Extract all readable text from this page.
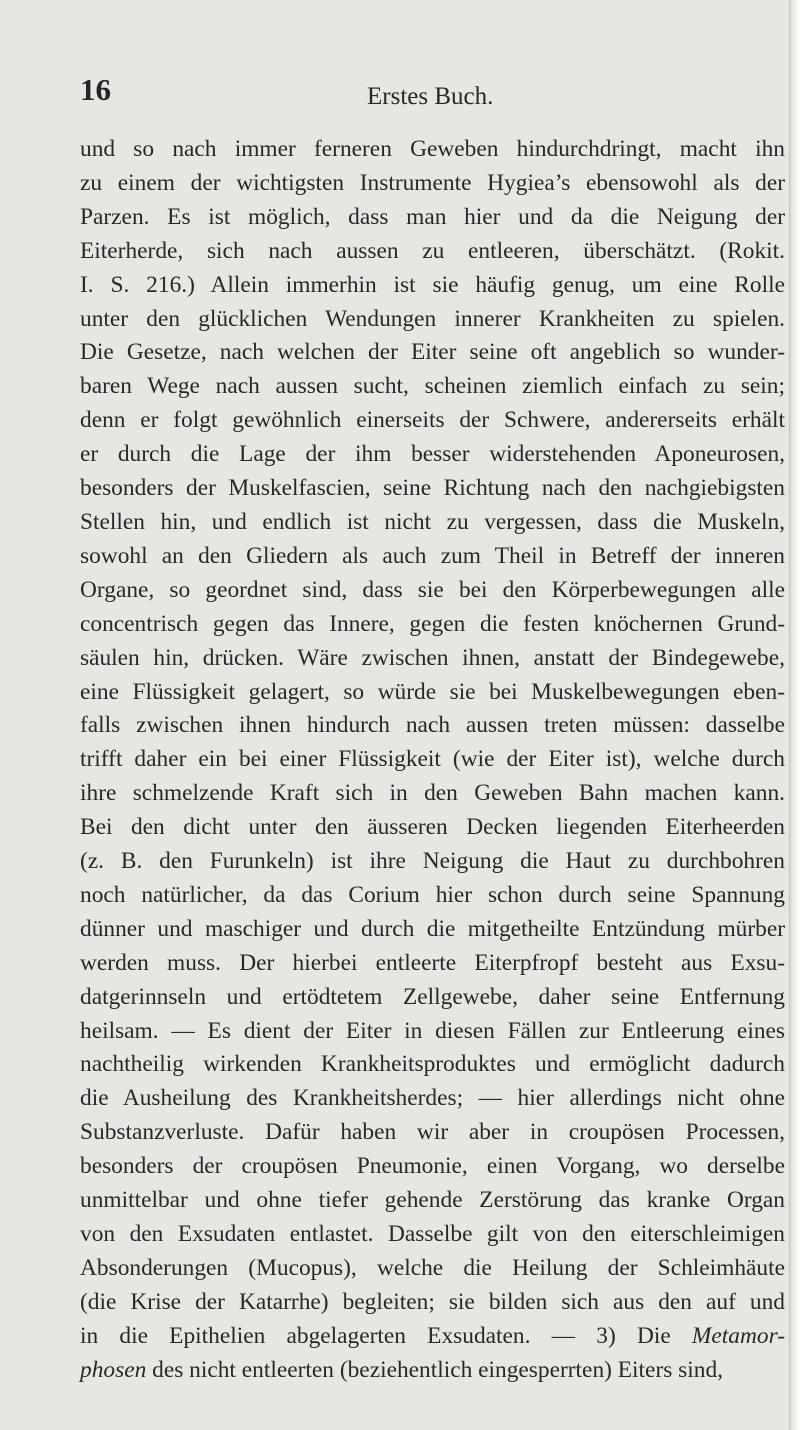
16	Erstes Buch.
und so nach immer ferneren Geweben hindurchdringt, macht ihn
zu einem der wichtigsten Instrumente Hygiea’s ebensowohl als der
Parzen. Es ist möglich, dass man hier und da die Neigung der
Eiterherde, sich nach aussen zu entleeren, überschätzt. (Rokit.
I. S. 216.) Allein immerhin ist sie häufig genug, um eine Rolle
unter den glücklichen Wendungen innerer Krankheiten zu spielen.
Die Gesetze, nach welchen der Eiter seine oft angeblich so wunder-
baren Wege nach aussen sucht, scheinen ziemlich einfach zu sein;
denn er folgt gewöhnlich einerseits der Schwere, andererseits erhält
er durch die Lage der ihm besser widerstehenden Aponeurosen,
besonders der Muskelfascien, seine Richtung nach den nachgiebigsten
Stellen hin, und endlich ist nicht zu vergessen, dass die Muskeln,
sowohl an den Gliedern als auch zum Theil in Betreff der inneren
Organe, so geordnet sind, dass sie bei den Körperbewegungen alle
concentrisch gegen das Innere, gegen die festen knöchernen Grund-
säulen hin, drücken. Wäre zwischen ihnen, anstatt der Bindegewebe,
eine Flüssigkeit gelagert, so würde sie bei Muskelbewegungen eben-
falls zwischen ihnen hindurch nach aussen treten müssen: dasselbe
trifft daher ein bei einer Flüssigkeit (wie der Eiter ist), welche durch
ihre schmelzende Kraft sich in den Geweben Bahn machen kann.
Bei den dicht unter den äusseren Decken liegenden Eiterheerden
(z. B. den Furunkeln) ist ihre Neigung die Haut zu durchbohren
noch natürlicher, da das Corium hier schon durch seine Spannung
dünner und maschiger und durch die mitgetheilte Entzündung mürber
werden muss. Der hierbei entleerte Eiterpfropf besteht aus Exsu-
datgerinnseln und ertödtetem Zellgewebe, daher seine Entfernung
heilsam. — Es dient der Eiter in diesen Fällen zur Entleerung eines
nachtheilig wirkenden Krankheitsproduktes und ermöglicht dadurch
die Ausheilung des Krankheitsherdes; — hier allerdings nicht ohne
Substanzverluste. Dafür haben wir aber in croupösen Processen,
besonders der croupösen Pneumonie, einen Vorgang, wo derselbe
unmittelbar und ohne tiefer gehende Zerstörung das kranke Organ
von den Exsudaten entlastet. Dasselbe gilt von den eiterschleimigen
Absonderungen (Mucopus), welche die Heilung der Schleimhäute
(die Krise der Katarrhe) begleiten; sie bilden sich aus den auf und
in die Epithelien abgelagerten Exsudaten. — 3) Die Metamor-
phosen des nicht entleerten (beziehentlich eingesperrten) Eiters sind,
